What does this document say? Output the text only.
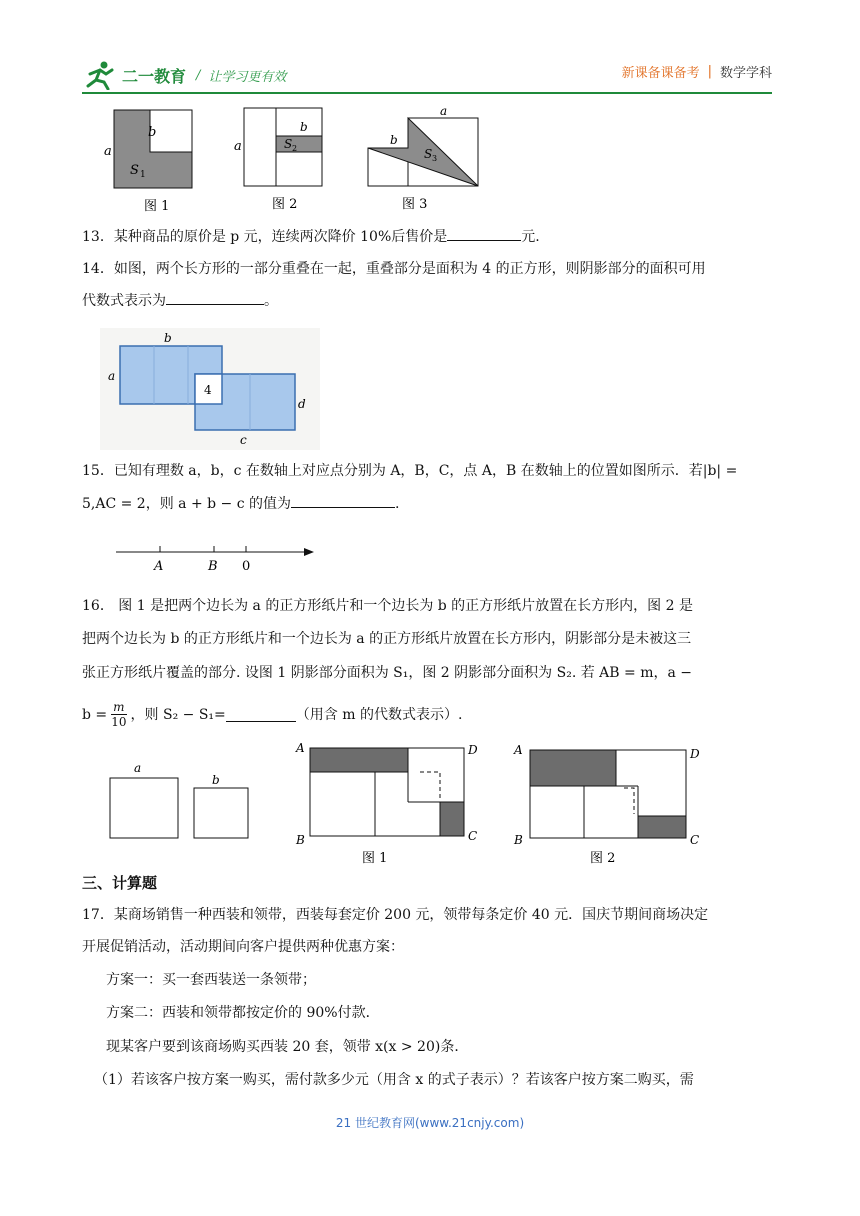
二一教育 / 让学习更有效	新课备课备考 | 数学学科
a
b
S 1
图 1
a
b
S 2
图 2
a
b
S 3
图 3
13．某种商品的原价是 p 元，连续两次降价 10%后售价是	元.
14．如图，两个长方形的一部分重叠在一起，重叠部分是面积为 4 的正方形，则阴影部分的面积可用
代数式表示为	。
b
a
4
d
c
15．已知有理数 a，b，c 在数轴上对应点分别为 A，B，C，点 A，B 在数轴上的位置如图所示．若|b| =
5,AC = 2，则 a + b − c 的值为	.
A	B 0
16． 图 1 是把两个边长为 a 的正方形纸片和一个边长为 b 的正方形纸片放置在长方形内，图 2 是
把两个边长为 b 的正方形纸片和一个边长为 a 的正方形纸片放置在长方形内，阴影部分是未被这三
张正方形纸片覆盖的部分. 设图 1 阴影部分面积为 S₁，图 2 阴影部分面积为 S₂. 若 AB = m，a −
$b = \frac{m}{10}$ ，则 S₂ − S₁=	（用含 m 的代数式表示）.
a
b
A	D
B	C
图 1
A	D
B	C
图 2
三、计算题
17．某商场销售一种西装和领带，西装每套定价 200 元，领带每条定价 40 元．国庆节期间商场决定
开展促销活动，活动期间向客户提供两种优惠方案：
方案一：买一套西装送一条领带；
方案二：西装和领带都按定价的 90%付款．
现某客户要到该商场购买西装 20 套，领带 x(x > 20)条．
（1）若该客户按方案一购买，需付款多少元（用含 x 的式子表示）？若该客户按方案二购买，需
21 世纪教育网(www.21cnjy.com)
